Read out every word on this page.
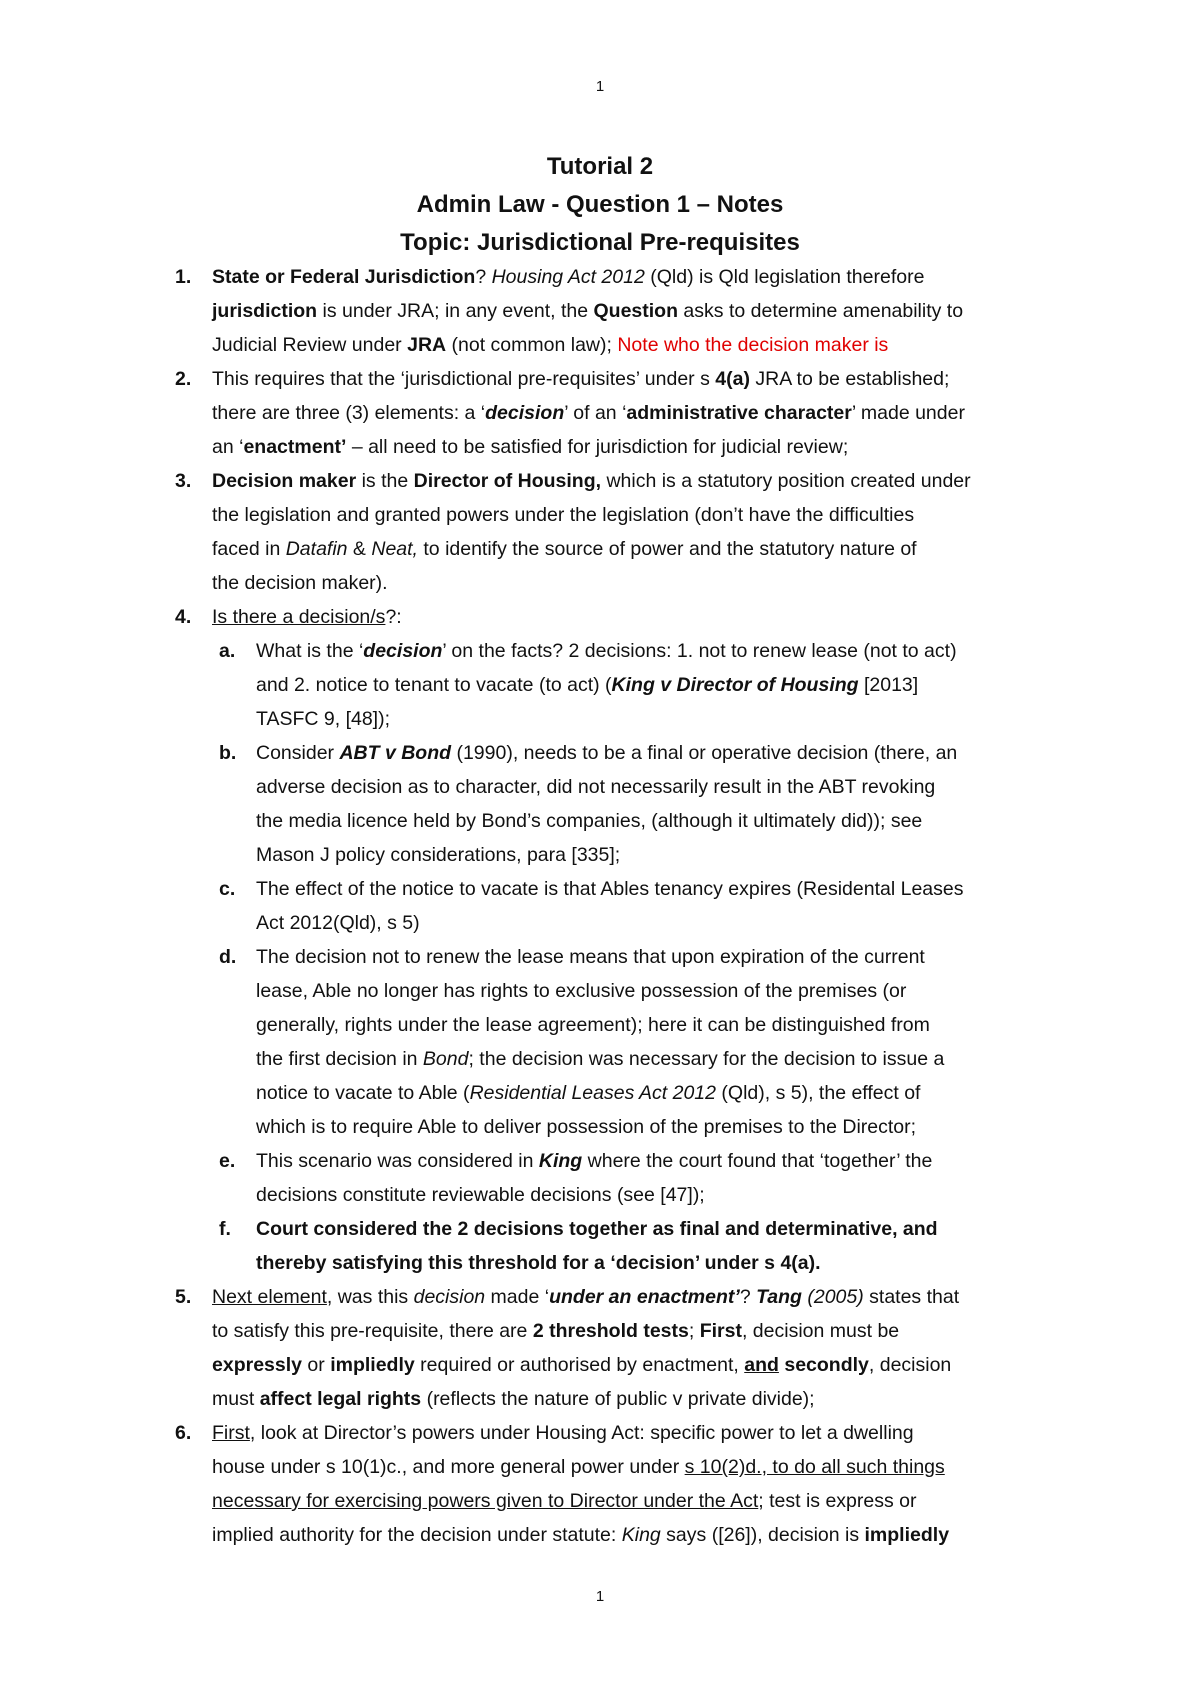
1
Tutorial 2
Admin Law - Question 1 – Notes
Topic: Jurisdictional Pre-requisites
1. State or Federal Jurisdiction? Housing Act 2012 (Qld) is Qld legislation therefore
jurisdiction is under JRA; in any event, the Question asks to determine amenability to
Judicial Review under JRA (not common law); Note who the decision maker is
2. This requires that the ‘jurisdictional pre-requisites’ under s 4(a) JRA to be established;
there are three (3) elements: a ‘decision’ of an ‘administrative character’ made under
an ‘enactment’ – all need to be satisfied for jurisdiction for judicial review;
3. Decision maker is the Director of Housing, which is a statutory position created under
the legislation and granted powers under the legislation (don’t have the difficulties
faced in Datafin & Neat, to identify the source of power and the statutory nature of
the decision maker).
4. Is there a decision/s?:
a. What is the ‘decision’ on the facts? 2 decisions: 1. not to renew lease (not to act)
and 2. notice to tenant to vacate (to act) (King v Director of Housing [2013]
TASFC 9, [48]);
b. Consider ABT v Bond (1990), needs to be a final or operative decision (there, an
adverse decision as to character, did not necessarily result in the ABT revoking
the media licence held by Bond’s companies, (although it ultimately did)); see
Mason J policy considerations, para [335];
c. The effect of the notice to vacate is that Ables tenancy expires (Residental Leases
Act 2012(Qld), s 5)
d. The decision not to renew the lease means that upon expiration of the current
lease, Able no longer has rights to exclusive possession of the premises (or
generally, rights under the lease agreement); here it can be distinguished from
the first decision in Bond; the decision was necessary for the decision to issue a
notice to vacate to Able (Residential Leases Act 2012 (Qld), s 5), the effect of
which is to require Able to deliver possession of the premises to the Director;
e. This scenario was considered in King where the court found that ‘together’ the
decisions constitute reviewable decisions (see [47]);
f. Court considered the 2 decisions together as final and determinative, and
thereby satisfying this threshold for a ‘decision’ under s 4(a).
5. Next element, was this decision made ‘under an enactment’? Tang (2005) states that
to satisfy this pre-requisite, there are 2 threshold tests; First, decision must be
expressly or impliedly required or authorised by enactment, and secondly, decision
must affect legal rights (reflects the nature of public v private divide);
6. First, look at Director’s powers under Housing Act: specific power to let a dwelling
house under s 10(1)c., and more general power under s 10(2)d., to do all such things
necessary for exercising powers given to Director under the Act; test is express or
implied authority for the decision under statute: King says ([26]), decision is impliedly
1
